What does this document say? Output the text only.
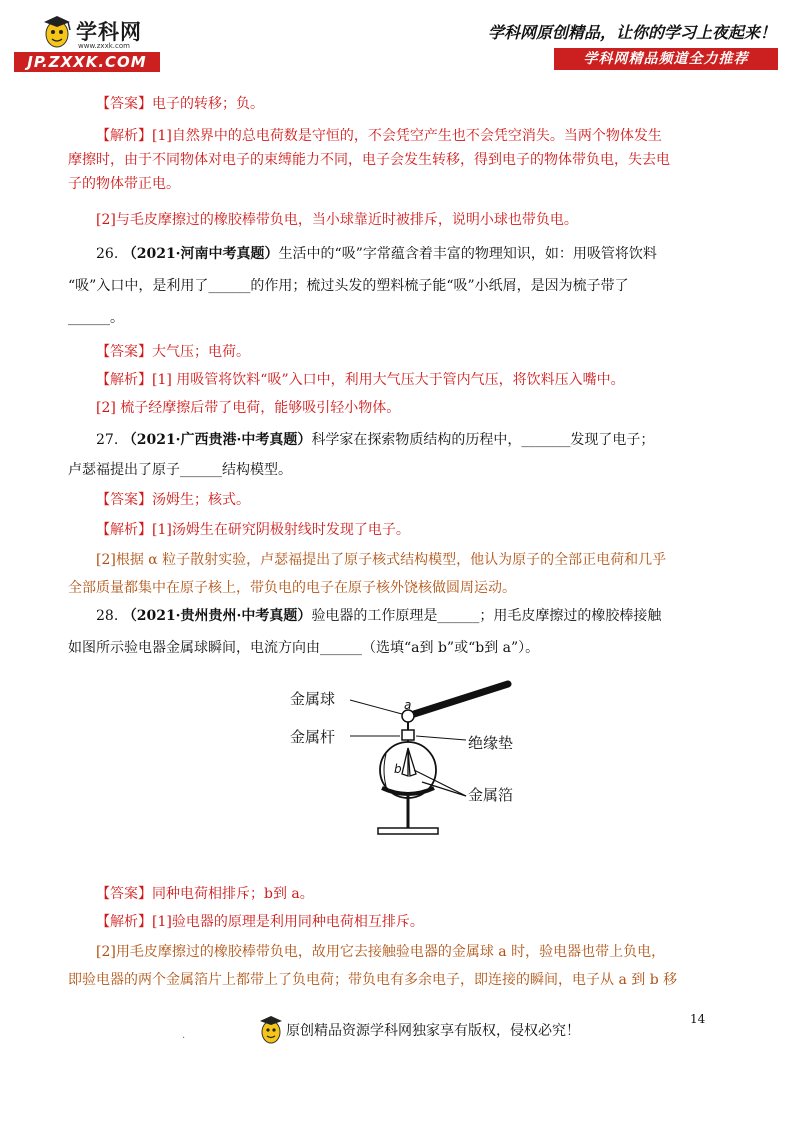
学科网
www.zxxk.com
JP.ZXXK.COM
学科网原创精品，让你的学习上夜起来！
学科网精品频道全力推荐
【答案】电子的转移；负。
【解析】[1]自然界中的总电荷数是守恒的，不会凭空产生也不会凭空消失。当两个物体发生
摩擦时，由于不同物体对电子的束缚能力不同，电子会发生转移，得到电子的物体带负电，失去电
子的物体带正电。
[2]与毛皮摩擦过的橡胶棒带负电，当小球靠近时被排斥，说明小球也带负电。
26. （2021·河南中考真题）生活中的“吸”字常蕴含着丰富的物理知识，如：用吸管将饮料
“吸”入口中，是利用了______的作用；梳过头发的塑料梳子能“吸”小纸屑，是因为梳子带了
______。
【答案】大气压；电荷。
【解析】[1] 用吸管将饮料“吸”入口中，利用大气压大于管内气压，将饮料压入嘴中。
[2] 梳子经摩擦后带了电荷，能够吸引轻小物体。
27. （2021·广西贵港·中考真题）科学家在探索物质结构的历程中，_______发现了电子；
卢瑟福提出了原子______结构模型。
【答案】汤姆生；核式。
【解析】[1]汤姆生在研究阴极射线时发现了电子。
[2]根据 α 粒子散射实验，卢瑟福提出了原子核式结构模型，他认为原子的全部正电荷和几乎
全部质量都集中在原子核上，带负电的电子在原子核外饶核做圆周运动。
28. （2021·贵州贵州·中考真题）验电器的工作原理是______；用毛皮摩擦过的橡胶棒接触
如图所示验电器金属球瞬间，电流方向由______（选填“a到 b”或“b到 a”）。
【答案】同种电荷相排斥；b到 a。
【解析】[1]验电器的原理是利用同种电荷相互排斥。
[2]用毛皮摩擦过的橡胶棒带负电，故用它去接触验电器的金属球 a 时，验电器也带上负电，
即验电器的两个金属箔片上都带上了负电荷；带负电有多余电子，即连接的瞬间，电子从 a 到 b 移
金属球
金属杆	绝缘垫
金属箔
a
b
.	原创精品资源学科网独家享有版权，侵权必究！
14
